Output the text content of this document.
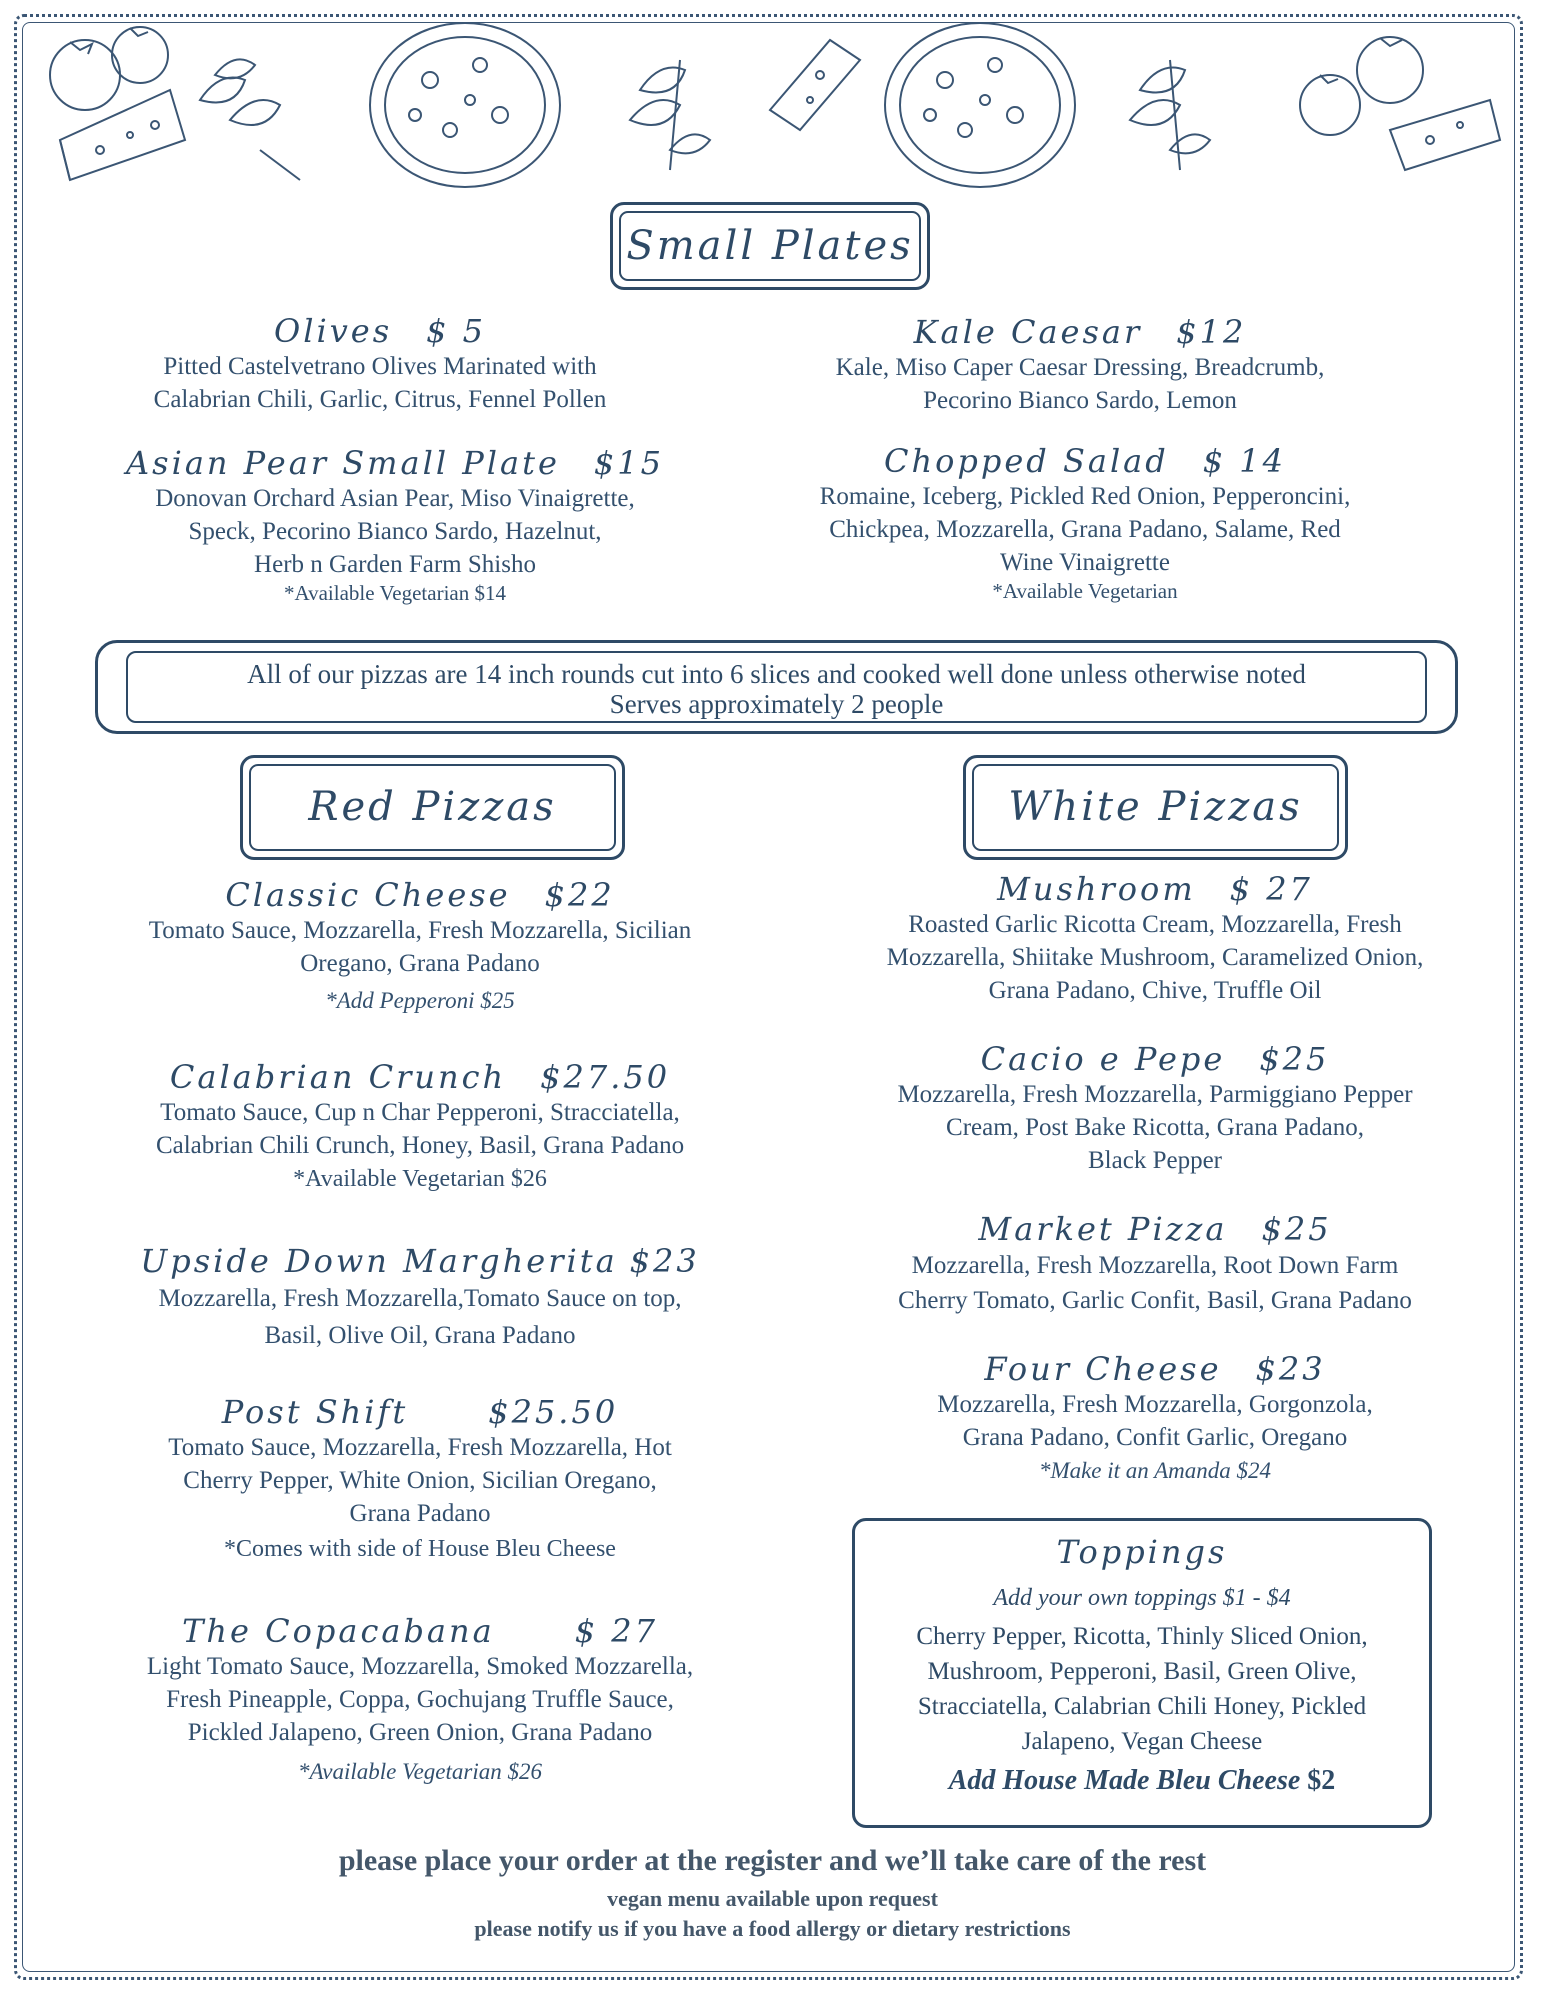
Small Plates
Olives $ 5
Pitted Castelvetrano Olives Marinated with
Calabrian Chili, Garlic, Citrus, Fennel Pollen
Kale Caesar $12
Kale, Miso Caper Caesar Dressing, Breadcrumb,
Pecorino Bianco Sardo, Lemon
Asian Pear Small Plate $15
Donovan Orchard Asian Pear, Miso Vinaigrette,
Speck, Pecorino Bianco Sardo, Hazelnut,
Herb n Garden Farm Shisho
*Available Vegetarian $14
Chopped Salad $ 14
Romaine, Iceberg, Pickled Red Onion, Pepperoncini,
Chickpea, Mozzarella, Grana Padano, Salame, Red
Wine Vinaigrette
*Available Vegetarian
All of our pizzas are 14 inch rounds cut into 6 slices and cooked well done unless otherwise noted
Serves approximately 2 people
Red Pizzas	White Pizzas
Classic Cheese $22
Tomato Sauce, Mozzarella, Fresh Mozzarella, Sicilian
Oregano, Grana Padano
*Add Pepperoni $25
Calabrian Crunch $27.50
Tomato Sauce, Cup n Char Pepperoni, Stracciatella,
Calabrian Chili Crunch, Honey, Basil, Grana Padano
*Available Vegetarian $26
Upside Down Margherita $23
Mozzarella, Fresh Mozzarella,Tomato Sauce on top,
Basil, Olive Oil, Grana Padano
Post Shift	$25.50
Tomato Sauce, Mozzarella, Fresh Mozzarella, Hot
Cherry Pepper, White Onion, Sicilian Oregano,
Grana Padano
*Comes with side of House Bleu Cheese
The Copacabana	$ 27
Light Tomato Sauce, Mozzarella, Smoked Mozzarella,
Fresh Pineapple, Coppa, Gochujang Truffle Sauce,
Pickled Jalapeno, Green Onion, Grana Padano
*Available Vegetarian $26
Mushroom $ 27
Roasted Garlic Ricotta Cream, Mozzarella, Fresh
Mozzarella, Shiitake Mushroom, Caramelized Onion,
Grana Padano, Chive, Truffle Oil
Cacio e Pepe $25
Mozzarella, Fresh Mozzarella, Parmiggiano Pepper
Cream, Post Bake Ricotta, Grana Padano,
Black Pepper
Market Pizza $25
Mozzarella, Fresh Mozzarella, Root Down Farm
Cherry Tomato, Garlic Confit, Basil, Grana Padano
Four Cheese $23
Mozzarella, Fresh Mozzarella, Gorgonzola,
Grana Padano, Confit Garlic, Oregano
*Make it an Amanda $24
Toppings
Add your own toppings $1 - $4
Cherry Pepper, Ricotta, Thinly Sliced Onion,
Mushroom, Pepperoni, Basil, Green Olive,
Stracciatella, Calabrian Chili Honey, Pickled
Jalapeno, Vegan Cheese
Add House Made Bleu Cheese $2
please place your order at the register and we’ll take care of the rest
vegan menu available upon request
please notify us if you have a food allergy or dietary restrictions
